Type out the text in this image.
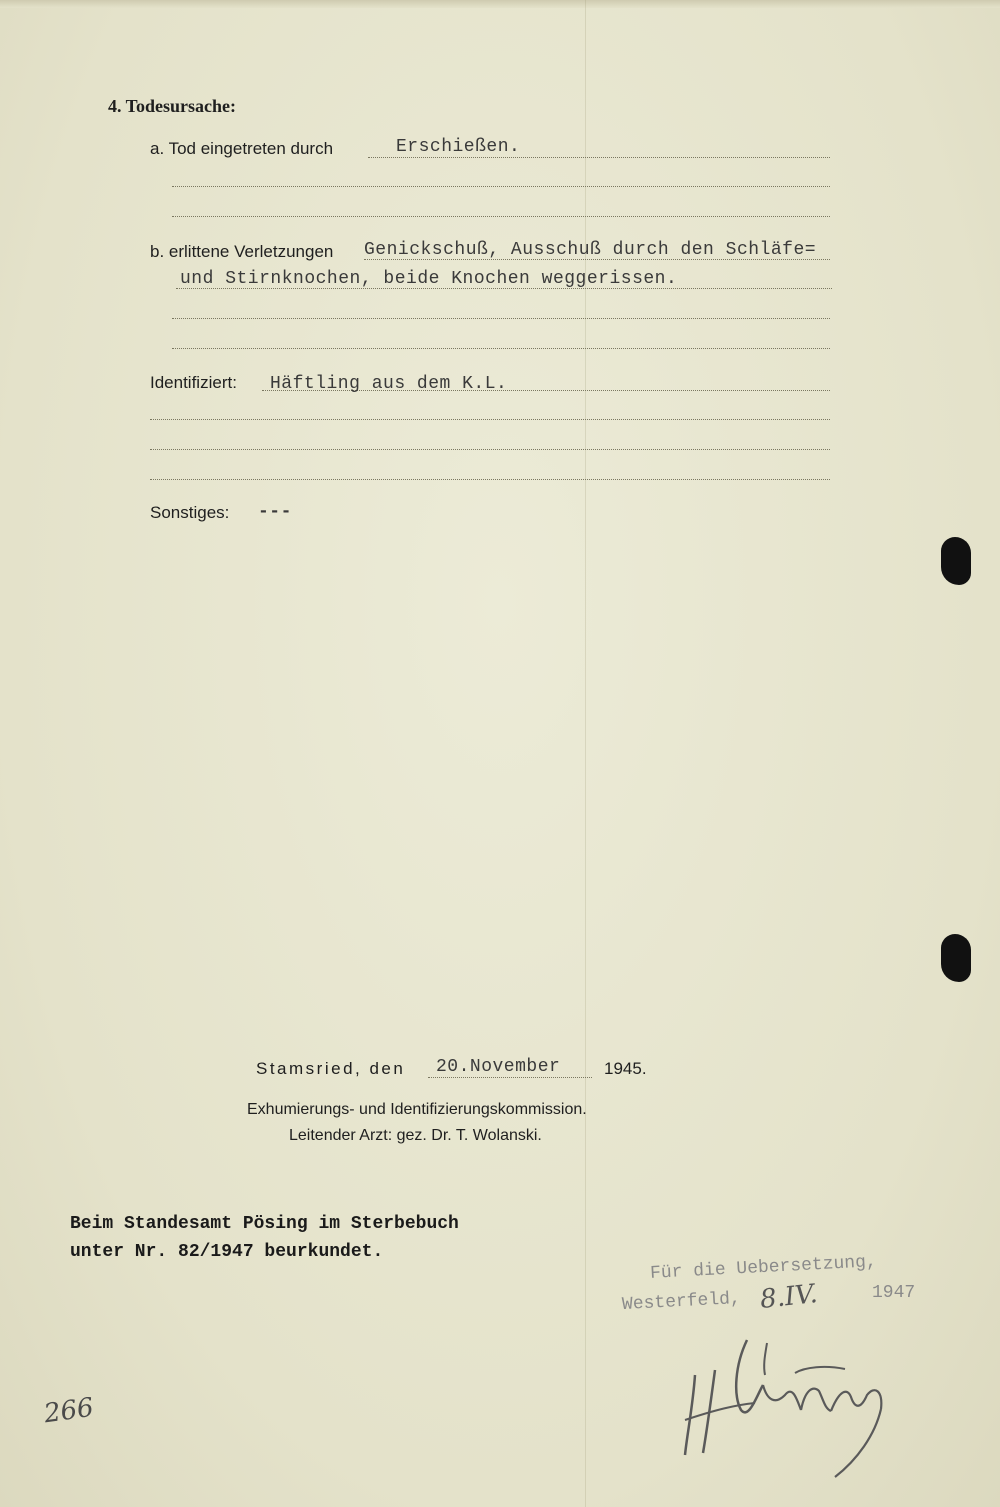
4. Todesursache:
a. Tod eingetreten durch	Erschießen.
b. erlittene Verletzungen Genickschuß, Ausschuß durch den Schläfe=
und Stirnknochen, beide Knochen weggerissen.
Identifiziert: Häftling aus dem K.L.
Sonstiges: ---
Stamsried, den 20.November	1945.
Exhumierungs- und Identifizierungskommission.
Leitender Arzt: gez. Dr. T. Wolanski.
Beim Standesamt Pösing im Sterbebuch
unter Nr. 82/1947 beurkundet.
Für die Uebersetzung,
Westerfeld, 8.IV.	1947
266
